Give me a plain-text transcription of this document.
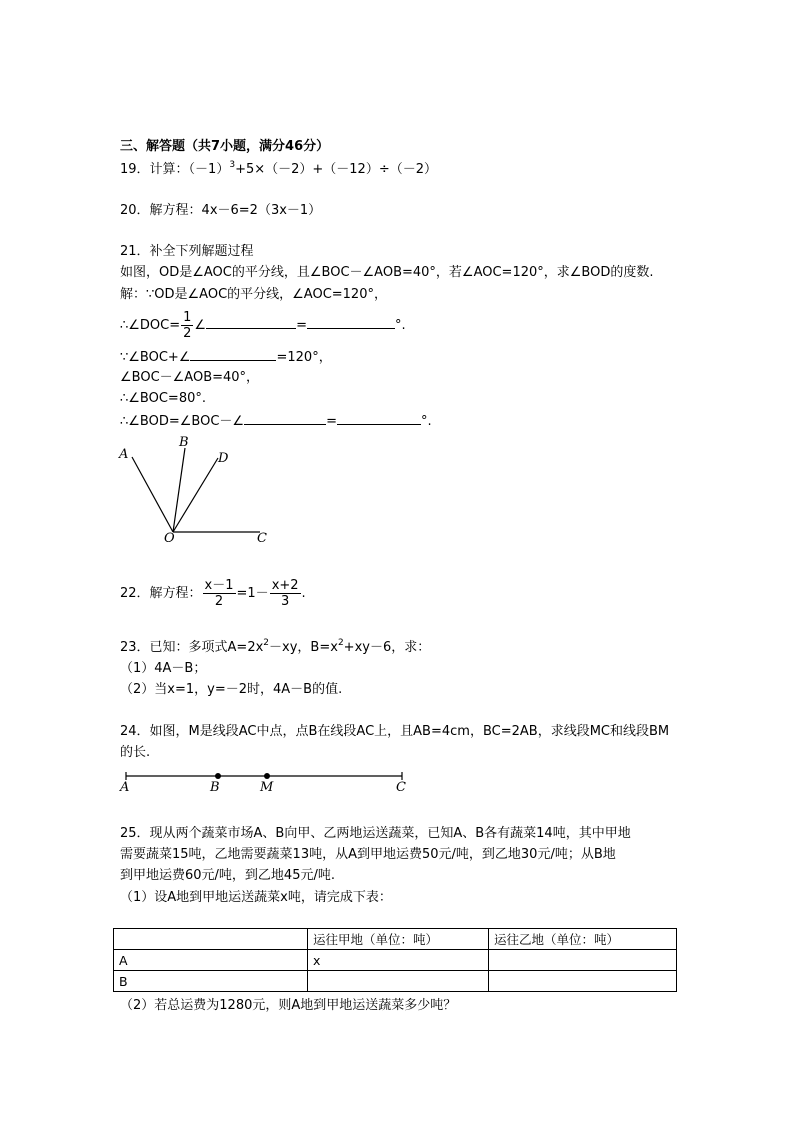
三、解答题（共7小题，满分46分）
19．计算：$(-1)^3+5\times(-2)+(-12)\div(-2)$
20．解方程：4x－6=2（3x－1）
21．补全下列解题过程
如图，OD是∠AOC的平分线，且∠BOC－∠AOB=40°，若∠AOC=120°，求∠BOD的度数.
解：∵OD是∠AOC的平分线，∠AOC=120°，
∴∠DOC= $\frac{1}{2}$ ∠	=	°.
∵∠BOC+∠	=120°，
∠BOC－∠AOB=40°，
∴∠BOC=80°.
∴∠BOD=∠BOC－∠	=	°.
A
B
D
O	C
22．解方程： $\frac{x-1}{2} =1- \frac{x+2}{3}$ .
23．已知：多项式$A=2x^2-xy$，$B=x^2+xy-6$，求：
（1）4A－B；
（2）当x=1，y=－2时，4A－B的值.
24．如图，M是线段AC中点，点B在线段AC上，且AB=4cm，BC=2AB，求线段MC和线段BM
的长.
A	B	M	C
25．现从两个蔬菜市场A、B向甲、乙两地运送蔬菜，已知A、B各有蔬菜14吨，其中甲地
需要蔬菜15吨，乙地需要蔬菜13吨，从A到甲地运费50元/吨，到乙地30元/吨；从B地
到甲地运费60元/吨，到乙地45元/吨.
（1）设A地到甲地运送蔬菜x吨，请完成下表：
	运往甲地（单位：吨）	运往乙地（单位：吨）
A	x	
B		
（2）若总运费为1280元，则A地到甲地运送蔬菜多少吨？
